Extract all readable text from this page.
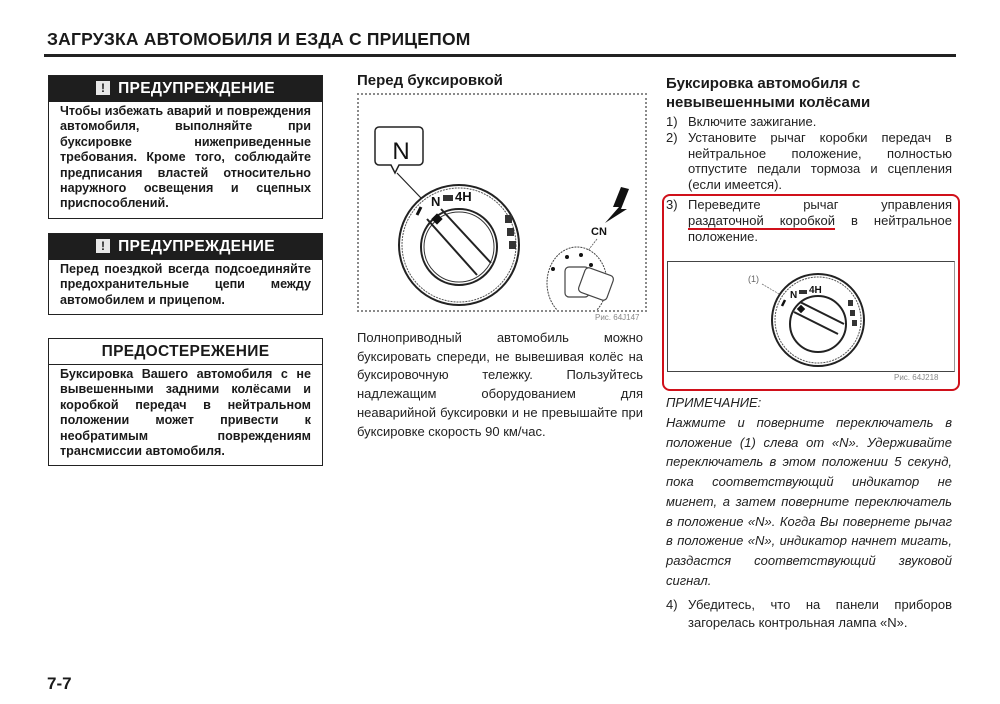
ЗАГРУЗКА АВТОМОБИЛЯ И ЕЗДА С ПРИЦЕПОМ
! ПРЕДУПРЕЖДЕНИЕ
Чтобы избежать аварий и повреждения автомобиля, выполняйте при буксировке нижеприведенные требования. Кроме того, соблюдайте предписания властей относительно наружного освещения и сцепных приспособлений.
! ПРЕДУПРЕЖДЕНИЕ
Перед поездкой всегда подсоединяйте предохранительные цепи между автомобилем и прицепом.
ПРЕДОСТЕРЕЖЕНИЕ
Буксировка Вашего автомобиля с не вывешенными задними колёсами и коробкой передач в нейтральном положении может привести к необратимым повреждениям трансмиссии автомобиля.
Перед буксировкой
N
N 4H
CN
Рис. 64J147
Полноприводный автомобиль можно буксировать спереди, не вывешивая колёс на буксировочную тележку. Пользуйтесь надлежащим оборудованием для неаварийной буксировки и не превышайте при буксировке скорость 90 км/час.
Буксировка автомобиля с невывешенными колёсами
1) Включите зажигание.
2) Установите рычаг коробки передач в нейтральное положение, полностью отпустите педали тормоза и сцепления (если имеется).
3) Переведите рычаг управления раздаточной коробкой в нейтральное положение.
(1)
N 4H
Рис. 64J218
ПРИМЕЧАНИЕ:
Нажмите и поверните переключатель в положение (1) слева от «N». Удерживайте переключатель в этом положении 5 секунд, пока соответствующий индикатор не мигнет, а затем поверните переключатель в положение «N». Когда Вы повернете рычаг в положение «N», индикатор начнет мигать, раздастся соответствующий звуковой сигнал.
4) Убедитесь, что на панели приборов загорелась контрольная лампа «N».
7-7
